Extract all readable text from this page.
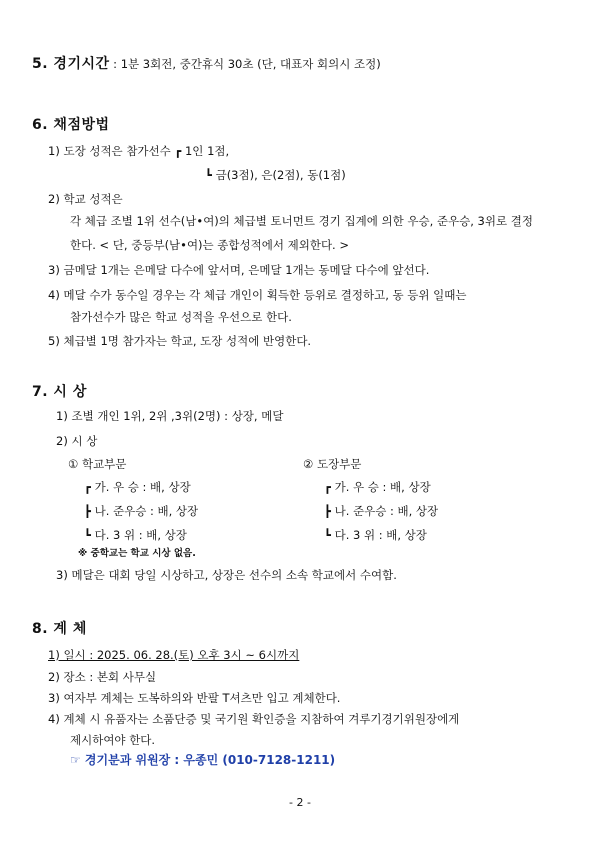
5. 경기시간 : 1분 3회전, 중간휴식 30초 (단, 대표자 회의시 조정)
6. 채점방법
1) 도장 성적은 참가선수 ┏ 1인 1점,
┗ 금(3점), 은(2점), 동(1점)
2) 학교 성적은
각 체급 조별 1위 선수(남•여)의 체급별 토너먼트 경기 집계에 의한 우승, 준우승, 3위로 결정
한다. < 단, 중등부(남•여)는 종합성적에서 제외한다. >
3) 금메달 1개는 은메달 다수에 앞서며, 은메달 1개는 동메달 다수에 앞선다.
4) 메달 수가 동수일 경우는 각 체급 개인이 획득한 등위로 결정하고, 동 등위 일때는
참가선수가 많은 학교 성적을 우선으로 한다.
5) 체급별 1명 참가자는 학교, 도장 성적에 반영한다.
7. 시 상
1) 조별 개인 1위, 2위 ,3위(2명) : 상장, 메달
2) 시 상
① 학교부문	② 도장부문
┏ 가. 우 승 : 배, 상장
┣ 나. 준우승 : 배, 상장
┗ 다. 3 위 : 배, 상장
┏ 가. 우 승 : 배, 상장
┣ 나. 준우승 : 배, 상장
┗ 다. 3 위 : 배, 상장
※ 중학교는 학교 시상 없음.
3) 메달은 대회 당일 시상하고, 상장은 선수의 소속 학교에서 수여함.
8. 계 체
1) 일시 : 2025. 06. 28.(토) 오후 3시 ~ 6시까지
2) 장소 : 본회 사무실
3) 여자부 계체는 도복하의와 반팔 T셔츠만 입고 계체한다.
4) 계체 시 유품자는 소품단증 및 국기원 확인증을 지참하여 겨루기경기위원장에게
제시하여야 한다.
☞ 경기분과 위원장 : 우종민 (010-7128-1211)
- 2 -
